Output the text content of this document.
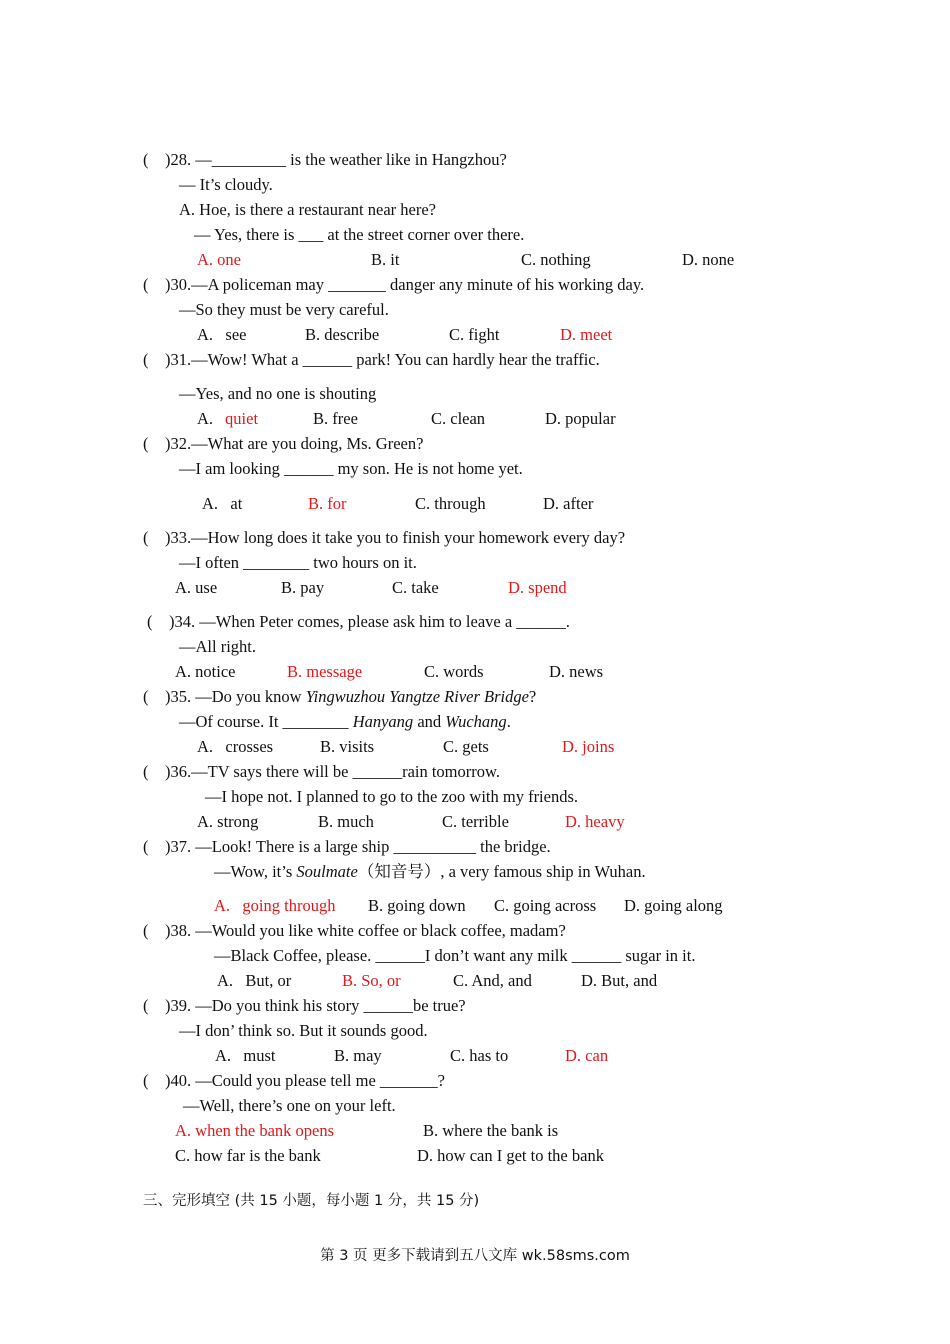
(    )28. —_________ is the weather like in Hangzhou?
— It’s cloudy.
A. Hoe, is there a restaurant near here?
— Yes, there is ___ at the street corner over there.
A. one	B. it	C. nothing	D. none
(    )30.—A policeman may _______ danger any minute of his working day.
—So they must be very careful.
A.   see	B. describe	C. fight	D. meet
(    )31.—Wow! What a ______ park! You can hardly hear the traffic.
—Yes, and no one is shouting
A. quiet	B. free	C. clean	D. popular
(    )32.—What are you doing, Ms. Green?
—I am looking ______ my son. He is not home yet.
A.   at	B. for	C. through	D. after
(    )33.—How long does it take you to finish your homework every day?
—I often ________ two hours on it.
A. use	B. pay	C. take	D. spend
(    )34. —When Peter comes, please ask him to leave a ______.
—All right.
A. notice	B. message	C. words	D. news
(    )35. —Do you know Yingwuzhou Yangtze River Bridge?
—Of course. It ________ Hanyang and Wuchang.
A.   crosses	B. visits	C. gets	D. joins
(    )36.—TV says there will be ______rain tomorrow.
—I hope not. I planned to go to the zoo with my friends.
A. strong	B. much	C. terrible	D. heavy
(    )37. —Look! There is a large ship __________ the bridge.
—Wow, it’s Soulmate（知音号）, a very famous ship in Wuhan.
A.   going through B. going down C. going across D. going along
(    )38. —Would you like white coffee or black coffee, madam?
—Black Coffee, please. ______I don’t want any milk ______ sugar in it.
A.   But, or	B. So, or	C. And, and	D. But, and
(    )39. —Do you think his story ______be true?
—I don’ think so. But it sounds good.
A.   must	B. may	C. has to	D. can
(    )40. —Could you please tell me _______?
—Well, there’s one on your left.
A. when the bank opens	B. where the bank is
C. how far is the bank	D. how can I get to the bank
三、完形填空 (共 15 小题，每小题 1 分，共 15 分)
第 3 页 更多下载请到五八文库 wk.58sms.com
